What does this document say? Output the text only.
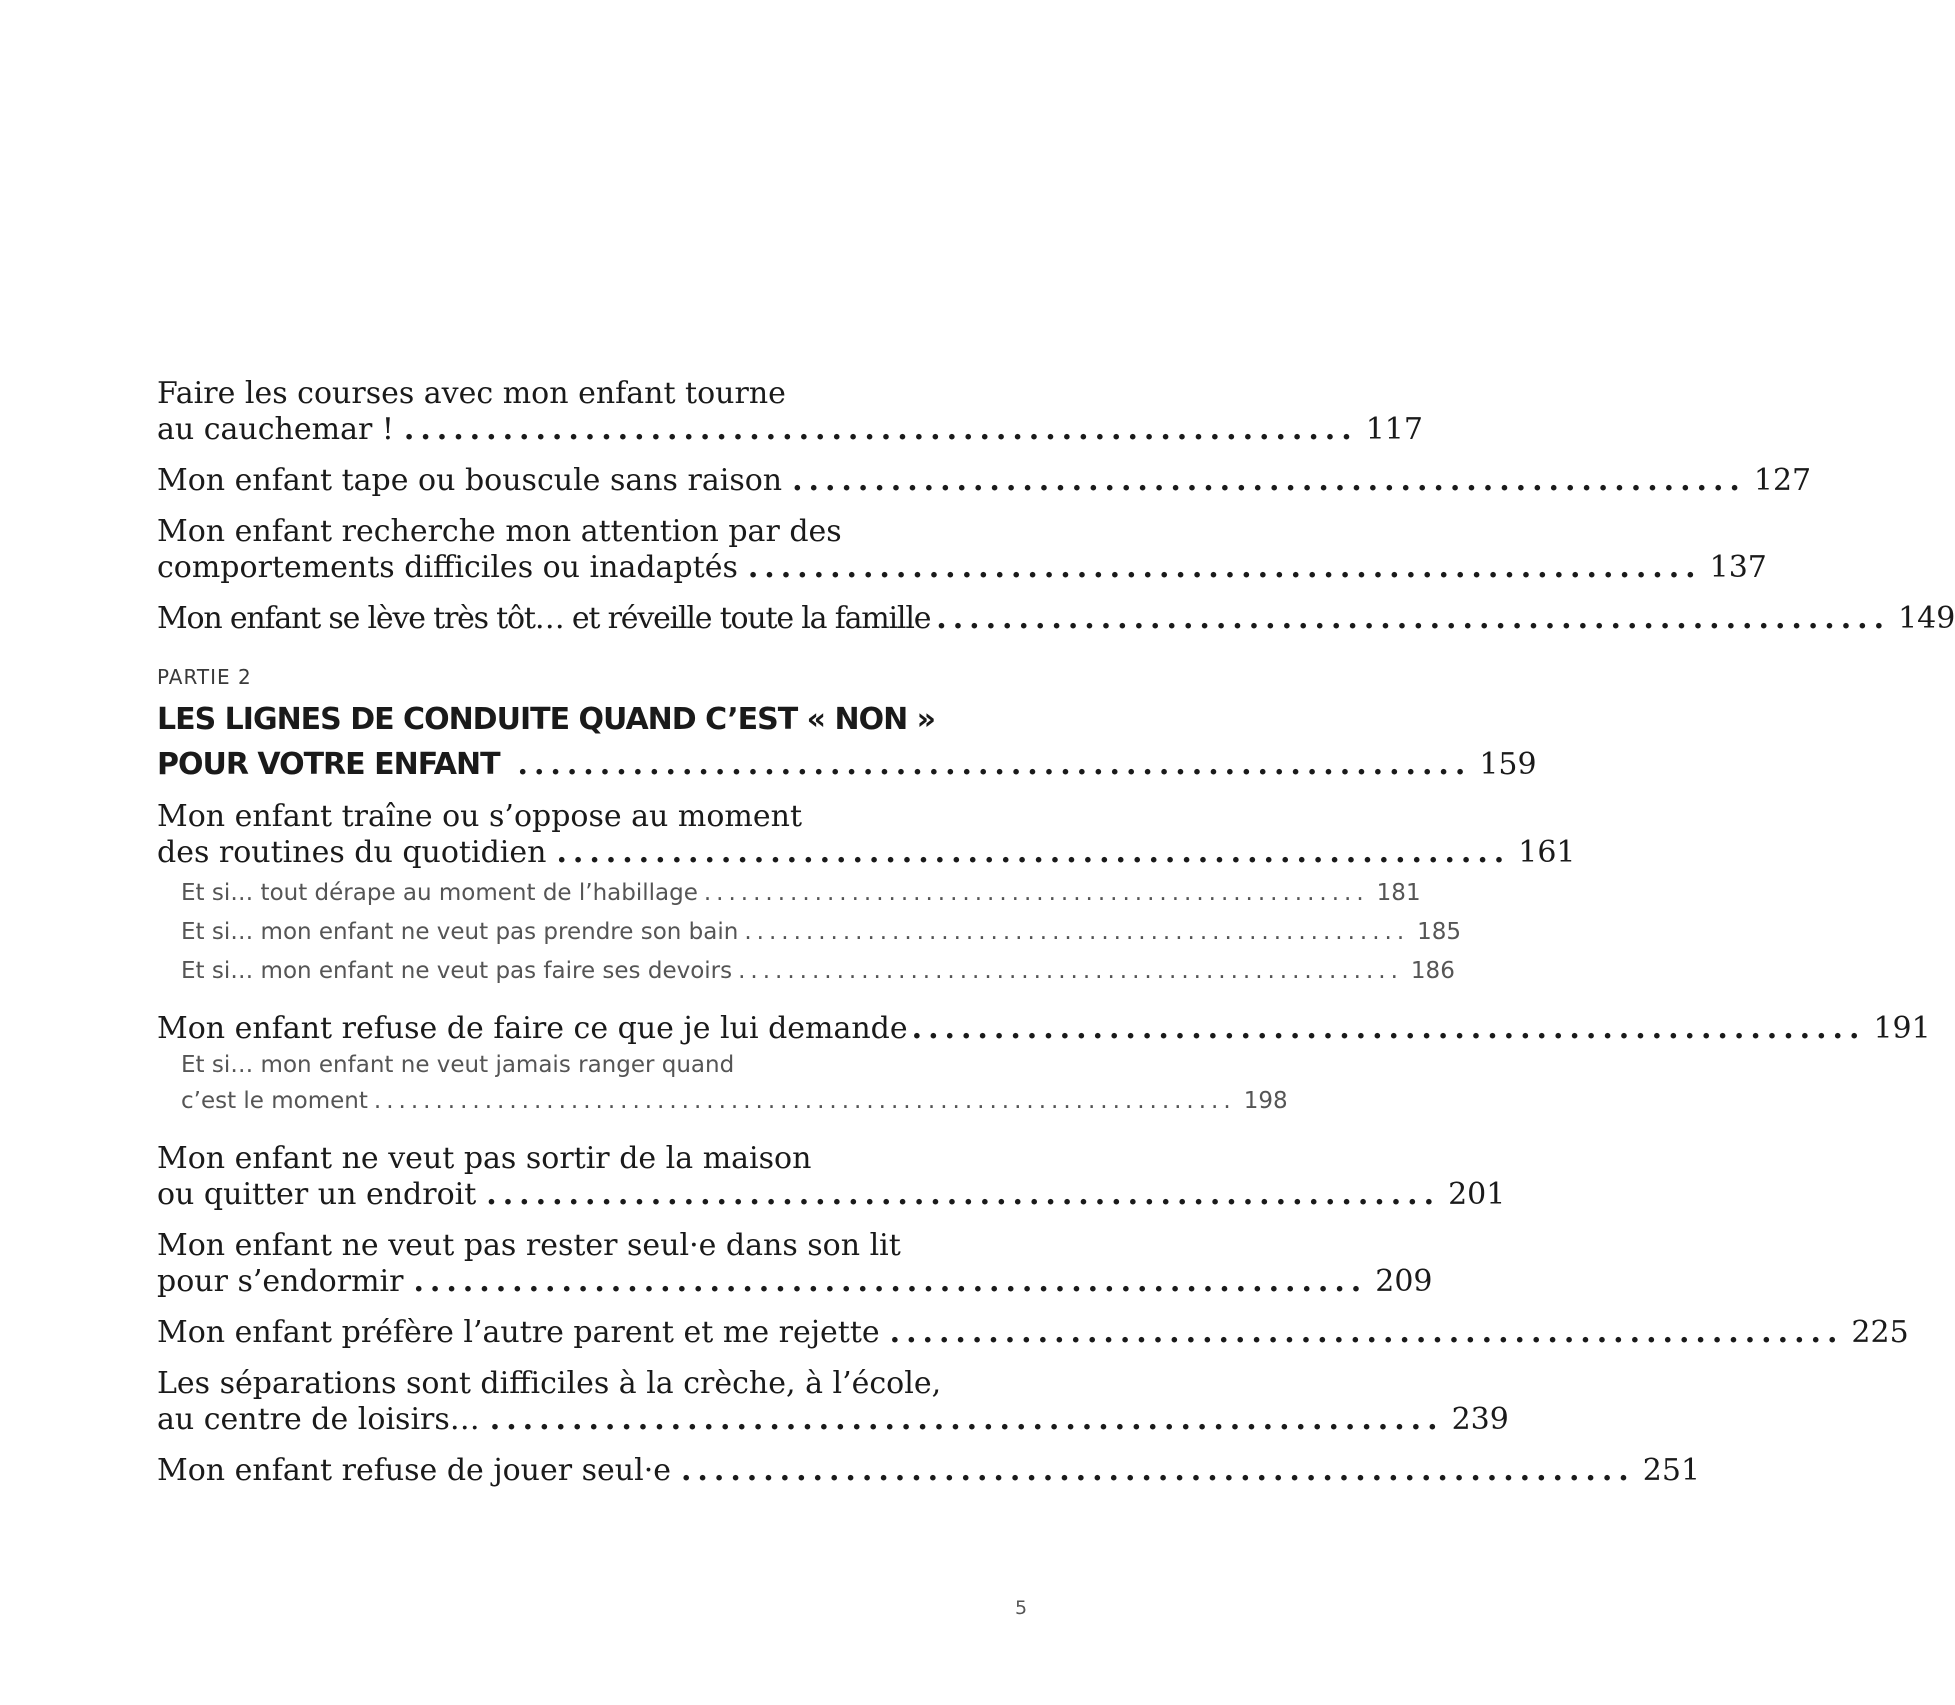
Faire les courses avec mon enfant tourne
au cauchemar ! .......................................................... 117
Mon enfant tape ou bouscule sans raison .......................................................... 127
Mon enfant recherche mon attention par des
comportements difficiles ou inadaptés .......................................................... 137
Mon enfant se lève très tôt… et réveille toute la famille .......................................................... 149
PARTIE 2
LES LIGNES DE CONDUITE QUAND C’EST « NON »
POUR VOTRE ENFANT .......................................................... 159
Mon enfant traîne ou s’oppose au moment
des routines du quotidien .......................................................... 161
Et si… tout dérape au moment de l’habillage ...................................................... 181
Et si… mon enfant ne veut pas prendre son bain ...................................................... 185
Et si… mon enfant ne veut pas faire ses devoirs ...................................................... 186
Mon enfant refuse de faire ce que je lui demande .......................................................... 191
Et si… mon enfant ne veut jamais ranger quand
c’est le moment ...................................................................... 198
Mon enfant ne veut pas sortir de la maison
ou quitter un endroit .......................................................... 201
Mon enfant ne veut pas rester seul·e dans son lit
pour s’endormir .......................................................... 209
Mon enfant préfère l’autre parent et me rejette .......................................................... 225
Les séparations sont difficiles à la crèche, à l’école,
au centre de loisirs… .......................................................... 239
Mon enfant refuse de jouer seul·e .......................................................... 251
5
